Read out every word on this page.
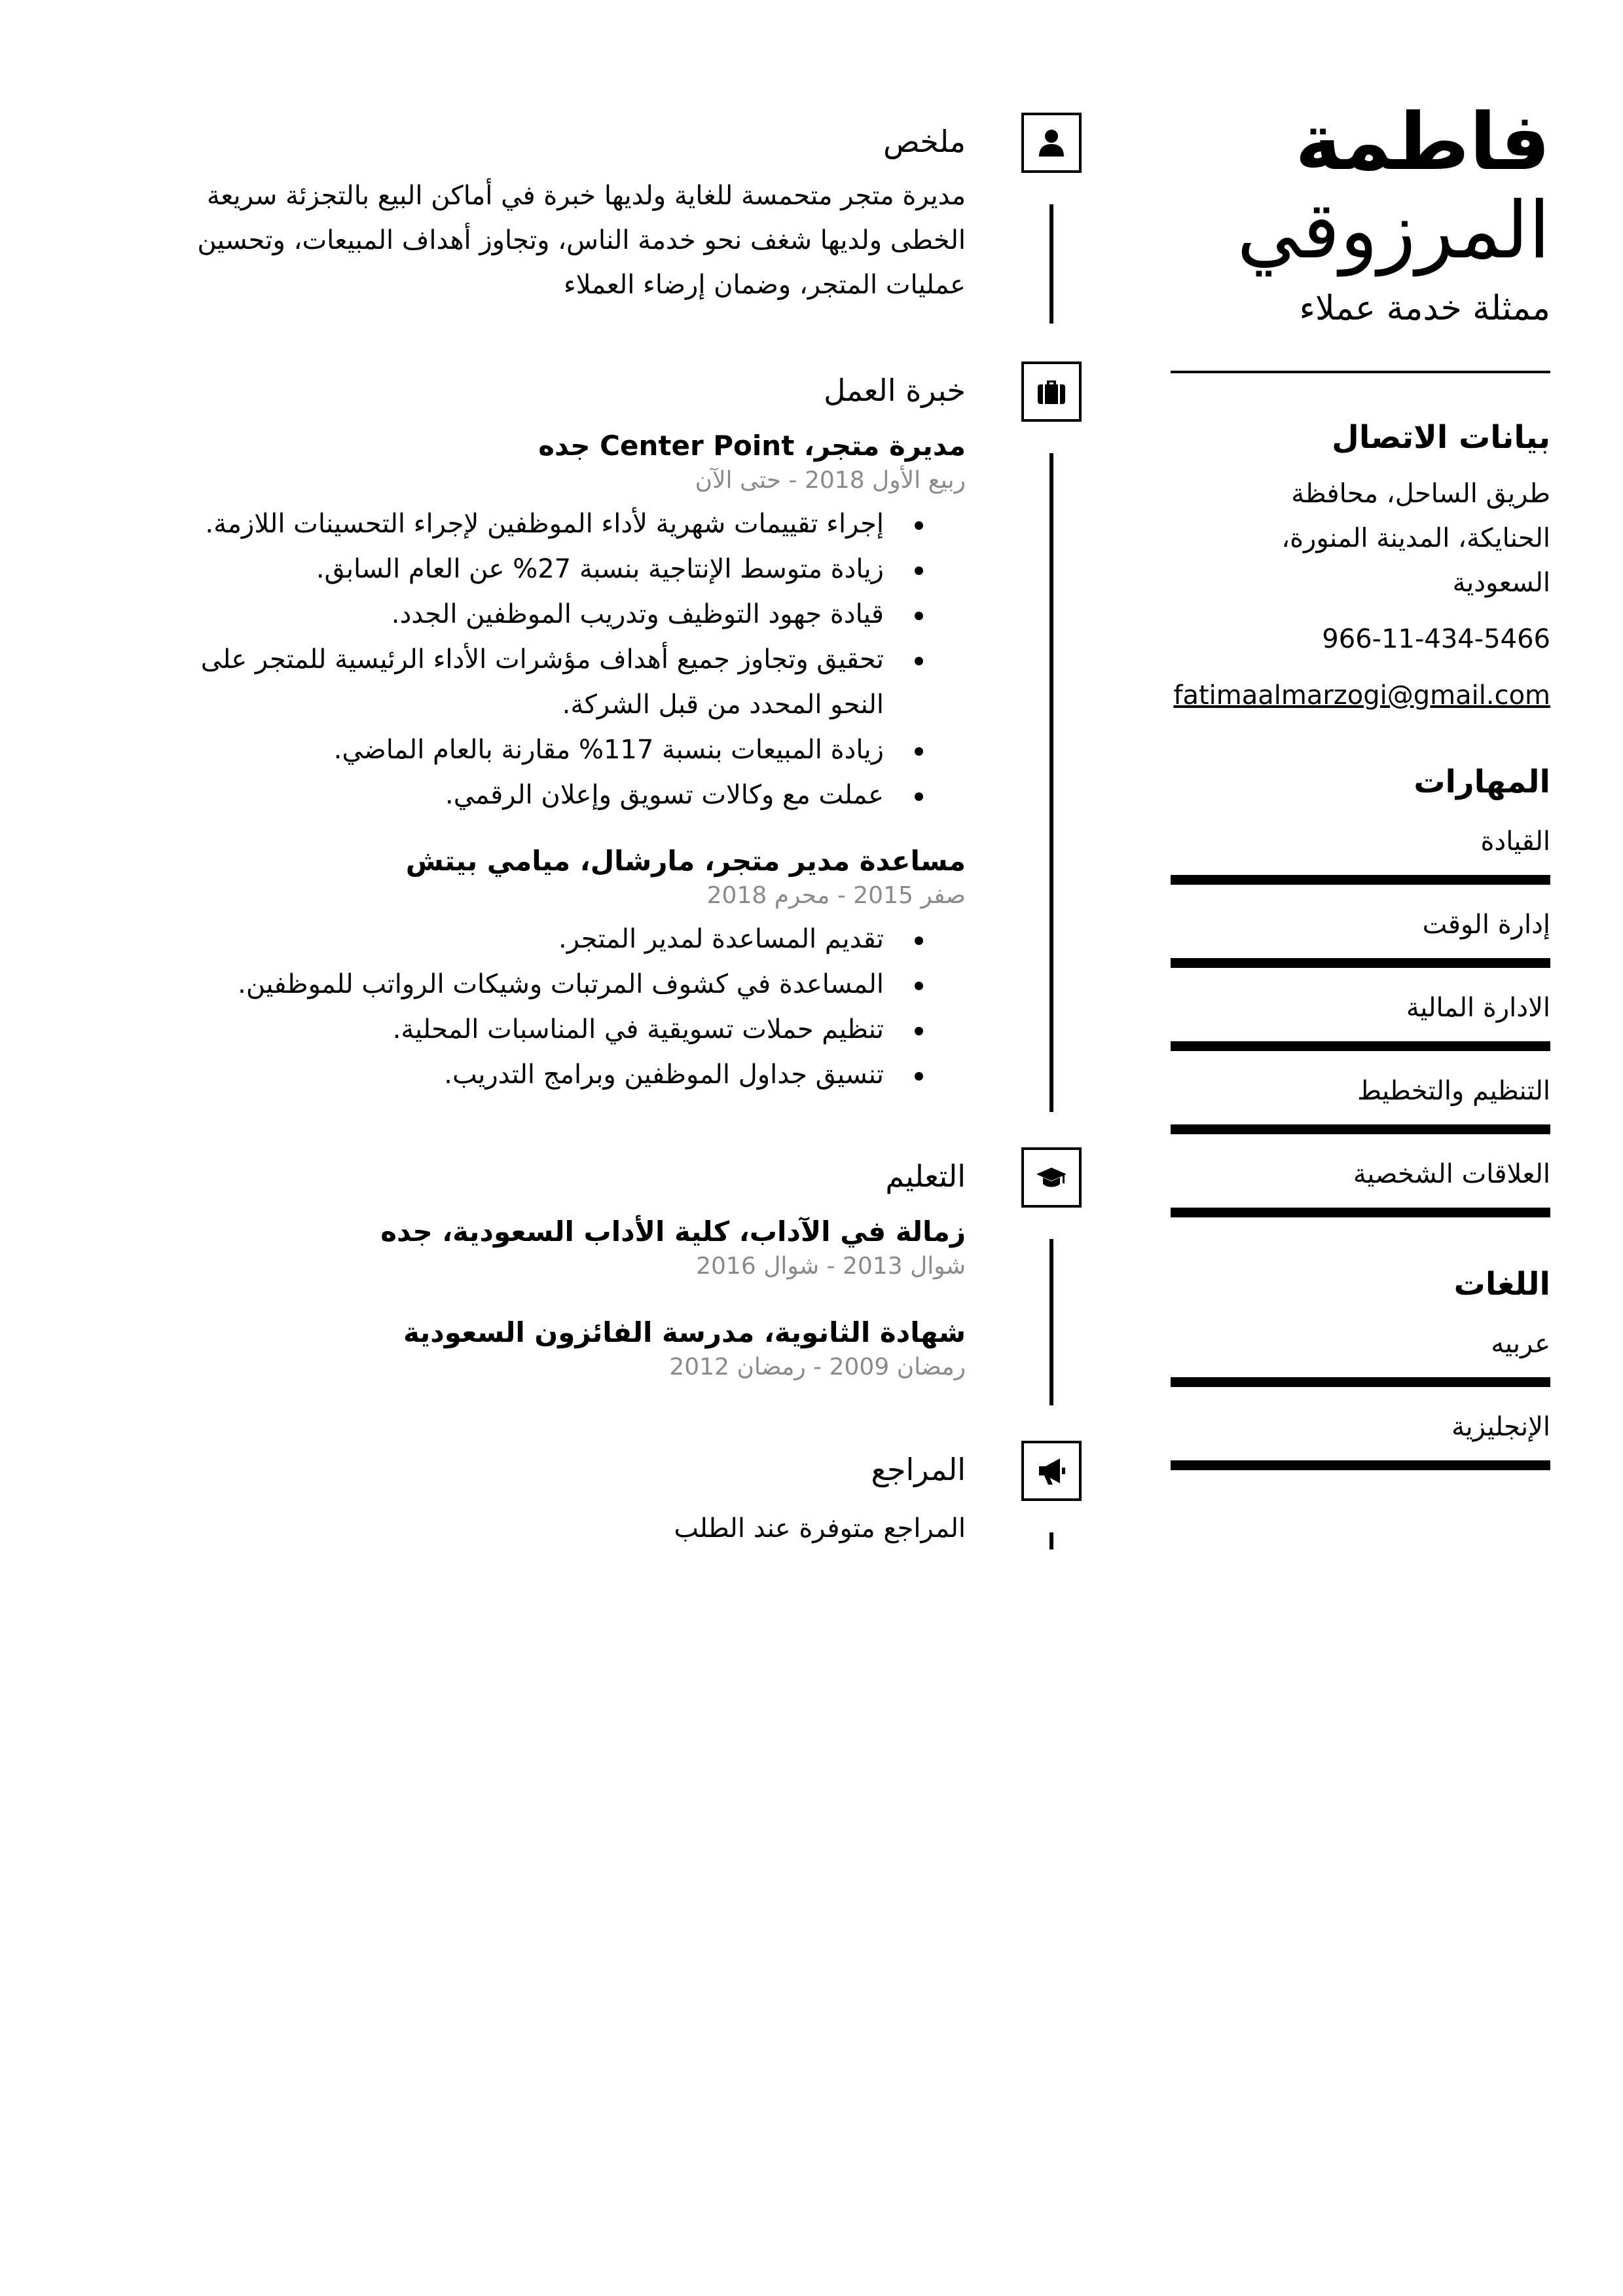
فاطمة
المرزوقي
ممثلة خدمة عملاء
بيانات الاتصال
طريق الساحل، محافظة
الحنايكة، المدينة المنورة،
السعودية
966-11-434-5466
fatimaalmarzogi@gmail.com
المهارات
القيادة
إدارة الوقت
الادارة المالية
التنظيم والتخطيط
العلاقات الشخصية
اللغات
عربيه
الإنجليزية
ملخص
مديرة متجر متحمسة للغاية ولديها خبرة في أماكن البيع بالتجزئة سريعة
الخطى ولديها شغف نحو خدمة الناس، وتجاوز أهداف المبيعات، وتحسين
عمليات المتجر، وضمان إرضاء العملاء
خبرة العمل
مديرة متجر، Center Point جده
ربيع الأول 2018 - حتى الآن
إجراء تقييمات شهرية لأداء الموظفين لإجراء التحسينات اللازمة.
زيادة متوسط الإنتاجية بنسبة 27% عن العام السابق.
قيادة جهود التوظيف وتدريب الموظفين الجدد.
تحقيق وتجاوز جميع أهداف مؤشرات الأداء الرئيسية للمتجر على النحو المحدد من قبل الشركة.
زيادة المبيعات بنسبة 117% مقارنة بالعام الماضي.
عملت مع وكالات تسويق وإعلان الرقمي.
مساعدة مدير متجر، مارشال، ميامي بيتش
صفر 2015 - محرم 2018
تقديم المساعدة لمدير المتجر.
المساعدة في كشوف المرتبات وشيكات الرواتب للموظفين.
تنظيم حملات تسويقية في المناسبات المحلية.
تنسيق جداول الموظفين وبرامج التدريب.
التعليم
زمالة في الآداب، كلية الأداب السعودية، جده
شوال 2013 - شوال 2016
شهادة الثانوية، مدرسة الفائزون السعودية
رمضان 2009 - رمضان 2012
المراجع
المراجع متوفرة عند الطلب
